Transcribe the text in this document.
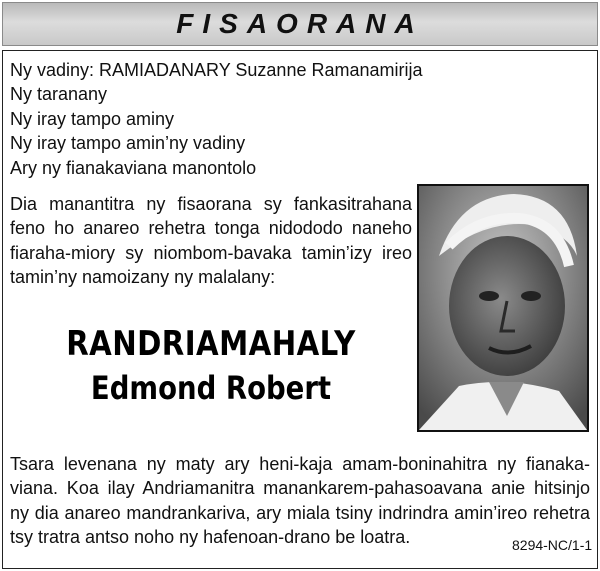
FISAORANA
Ny vadiny: RAMIADANARY Suzanne Ramanamirija
Ny taranany
Ny iray tampo aminy
Ny iray tampo amin’ny vadiny
Ary ny fianakaviana manontolo
Dia manantitra ny fisaorana sy fankasitrahana
feno ho anareo rehetra tonga nidododo naneho
fiaraha-miory sy niombom-bavaka tamin’izy ireo
tamin’ny namoizany ny malalany:
RANDRIAMAHALY
Edmond Robert
Tsara levenana ny maty ary heni-kaja amam-boninahitra ny fianaka-
viana. Koa ilay Andriamanitra manankarem-pahasoavana anie hitsinjo
ny dia anareo mandrankariva, ary miala tsiny indrindra amin’ireo rehetra
tsy tratra antso noho ny hafenoan-drano be loatra.	8294-NC/1-1
